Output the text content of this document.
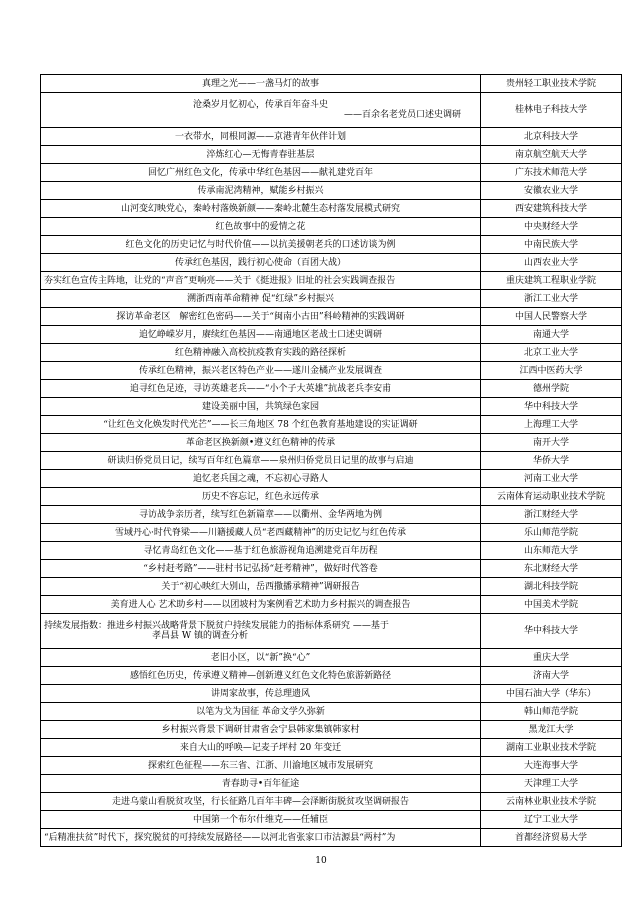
真理之光——一盏马灯的故事	贵州轻工职业技术学院

沧桑岁月忆初心，传承百年奋斗史
——百余名老党员口述史调研	桂林电子科技大学
一衣带水，同根同源——京港青年伙伴计划	北京科技大学
淬炼红心—无悔青春驻基层	南京航空航天大学
回忆广州红色文化，传承中华红色基因——献礼建党百年	广东技术师范大学
传承南泥湾精神，赋能乡村振兴	安徽农业大学
山河变幻映党心，秦岭村落焕新颜——秦岭北麓生态村落发展模式研究	西安建筑科技大学
红色故事中的爱情之花	中央财经大学
红色文化的历史记忆与时代价值——以抗美援朝老兵的口述访谈为例	中南民族大学
传承红色基因，践行初心使命（百团大战）	山西农业大学
夯实红色宣传主阵地，让党的“声音”更响亮——关于《挺进报》旧址的社会实践调查报告	重庆建筑工程职业学院
溯浙西南革命精神 促“红绿”乡村振兴	浙江工业大学
探访革命老区　解密红色密码——关于“闽南小古田”科岭精神的实践调研	中国人民警察大学
追忆峥嵘岁月，赓续红色基因——南通地区老战士口述史调研	南通大学
红色精神融入高校抗疫教育实践的路径探析	北京工业大学
传承红色精神，振兴老区特色产业——遂川金橘产业发展调查	江西中医药大学
追寻红色足迹，寻访英雄老兵——“小个子大英雄”抗战老兵李安甫	德州学院
建设美丽中国，共筑绿色家园	华中科技大学
“让红色文化焕发时代光芒”——长三角地区 78 个红色教育基地建设的实证调研	上海理工大学
革命老区换新颜•遵义红色精神的传承	南开大学
研读归侨党员日记，续写百年红色篇章——泉州归侨党员日记里的故事与启迪	华侨大学
追忆老兵国之魂，不忘初心寻路人	河南工业大学
历史不容忘记，红色永远传承	云南体育运动职业技术学院
寻访战争亲历者，续写红色新篇章——以衢州、金华两地为例	浙江财经大学
雪域丹心·时代脊梁——川籍援藏人员“老西藏精神”的历史记忆与红色传承	乐山师范学院
寻忆青岛红色文化——基于红色旅游视角追溯建党百年历程	山东师范大学
“乡村赶考路”——驻村书记弘扬“赶考精神”，做好时代答卷	东北财经大学
关于“初心映红大别山，岳西撒播承精神”调研报告	湖北科技学院
美育进人心 艺术助乡村——以团坡村为案例看艺术助力乡村振兴的调查报告	中国美术学院

持续发展指数：推进乡村振兴战略背景下脱贫户持续发展能力的指标体系研究 ——基于
孝昌县 W 镇的调查分析	华中科技大学
老旧小区，以“新”换“心”	重庆大学
感悟红色历史，传承遵义精神—创新遵义红色文化特色旅游新路径	济南大学
讲周家故事，传总理遗风	中国石油大学（华东）
以笔为戈为国征 革命文学久弥新	韩山师范学院
乡村振兴背景下调研甘肃省会宁县韩家集镇韩家村	黑龙江大学
来自大山的呼唤—记麦子坪村 20 年变迁	湖南工业职业技术学院
探索红色征程——东三省、江浙、川渝地区城市发展研究	大连海事大学
青春助寻•百年征途	天津理工大学
走进乌蒙山看脱贫攻坚，行长征路几百年丰碑—会泽断街脱贫攻坚调研报告	云南林业职业技术学院
中国第一个布尔什维克——任辅臣	辽宁工业大学
“后精准扶贫”时代下，探究脱贫的可持续发展路径——以河北省张家口市沽源县“两村”为	首都经济贸易大学
10
